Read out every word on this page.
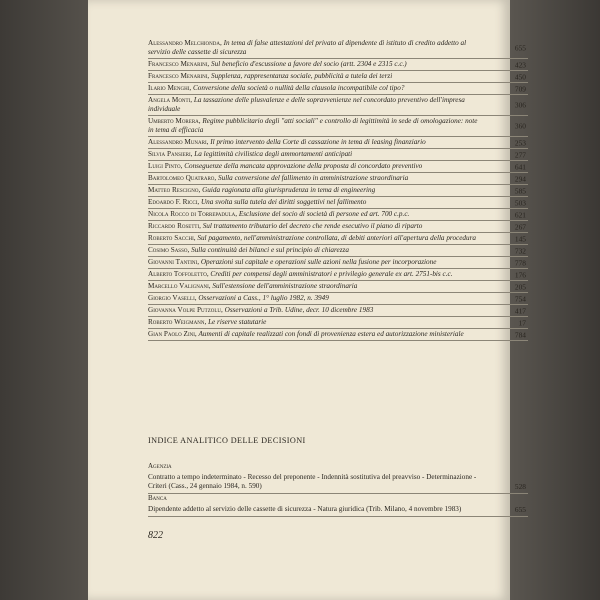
Alessandro Melchionda, In tema di false attestazioni del privato al dipendente di istituto di credito addetto al servizio delle cassette di sicurezza	655
Francesco Menarini, Sul beneficio d'escussione a favore del socio (artt. 2304 e 2315 c.c.)	423
Francesco Menarini, Supplenza, rappresentanza sociale, pubblicità a tutela dei terzi	450
Ilario Menghi, Conversione della società o nullità della clausola incompatibile col tipo?	709
Angela Monti, La tassazione delle plusvalenze e delle sopravvenienze nel concordato preventivo dell'impresa individuale	306
Umberto Morera, Regime pubblicitario degli "atti sociali" e controllo di legittimità in sede di omologazione: note in tema di efficacia	360
Alessandro Munari, Il primo intervento della Corte di cassazione in tema di leasing finanziario	253
Silvia Pansieri, La legittimità civilistica degli ammortamenti anticipati	277
Luigi Pinto, Conseguenze della mancata approvazione della proposta di concordato preventivo	641
Bartolomeo Quatraro, Sulla conversione del fallimento in amministrazione straordinaria	294
Matteo Rescigno, Guida ragionata alla giurisprudenza in tema di engineering	585
Edoardo F. Ricci, Una svolta sulla tutela dei diritti soggettivi nel fallimento	503
Nicola Rocco di Torrepadula, Esclusione del socio di società di persone ed art. 700 c.p.c.	621
Riccardo Rosetti, Sul trattamento tributario del decreto che rende esecutivo il piano di riparto	267
Roberto Sacchi, Sul pagamento, nell'amministrazione controllata, di debiti anteriori all'apertura della procedura	145
Cosimo Sasso, Sulla continuità dei bilanci e sul principio di chiarezza	732
Giovanni Tantini, Operazioni sul capitale e operazioni sulle azioni nella fusione per incorporazione	778
Alberto Toffoletto, Crediti per compensi degli amministratori e privilegio generale ex art. 2751-bis c.c.	176
Marcello Valignani, Sull'estensione dell'amministrazione straordinaria	205
Giorgio Vaselli, Osservazioni a Cass., 1° luglio 1982, n. 3949	754
Giovanna Volpe Putzolu, Osservazioni a Trib. Udine, decr. 10 dicembre 1983	417
Roberto Weigmann, Le riserve statutarie	17
Gian Paolo Zini, Aumenti di capitale realizzati con fondi di provenienza estera ed autorizzazione ministeriale	784
INDICE ANALITICO DELLE DECISIONI
Agenzia
Contratto a tempo indeterminato - Recesso del preponente - Indennità sostitutiva del preavviso - Determinazione - Criteri (Cass., 24 gennaio 1984, n. 590)	528
Banca
Dipendente addetto al servizio delle cassette di sicurezza - Natura giuridica (Trib. Milano, 4 novembre 1983)	655
822
